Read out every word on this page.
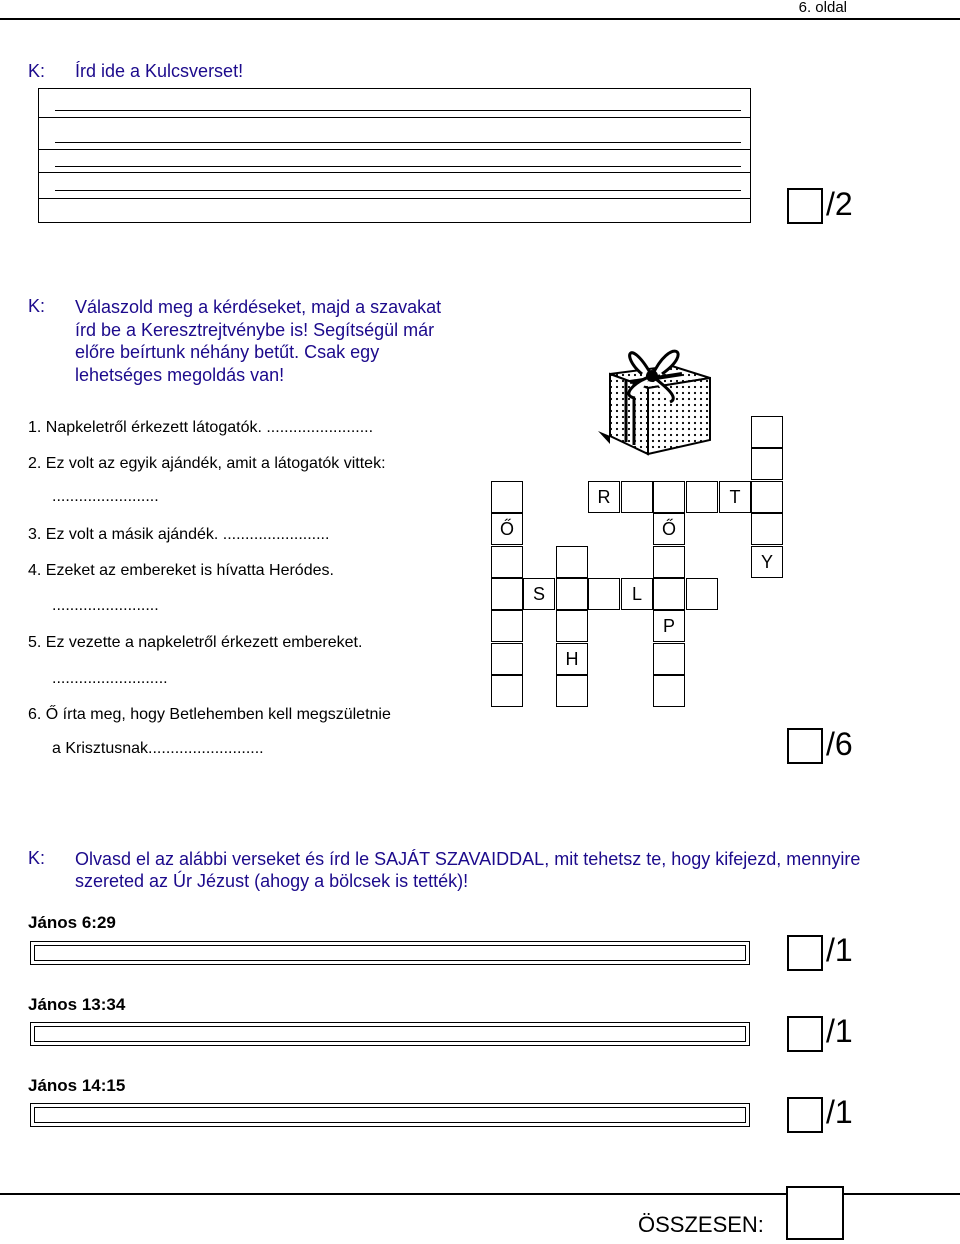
6. oldal
K: Írd ide a Kulcsverset!
/2
K: Válaszold meg a kérdéseket, majd a szavakat
írd be a Keresztrejtvénybe is! Segítségül már
előre beírtunk néhány betűt. Csak egy
lehetséges megoldás van!
1. Napkeletről érkezett látogatók. ........................
2. Ez volt az egyik ajándék, amit a látogatók vittek:
........................
3. Ez volt a másik ajándék. ........................
4. Ezeket az embereket is hívatta Heródes.
........................
5. Ez vezette a napkeletről érkezett embereket.
..........................
6. Ő írta meg, hogy Betlehemben kell megszületnie
a Krisztusnak..........................
Ő
S	L
H
R	T
Ő
P
Y
/6
K: Olvasd el az alábbi verseket és írd le SAJÁT SZAVAIDDAL, mit tehetsz te, hogy kifejezd, mennyire
szereted az Úr Jézust (ahogy a bölcsek is tették)!
János 6:29
/1
János 13:34
/1
János 14:15
/1
ÖSSZESEN:
